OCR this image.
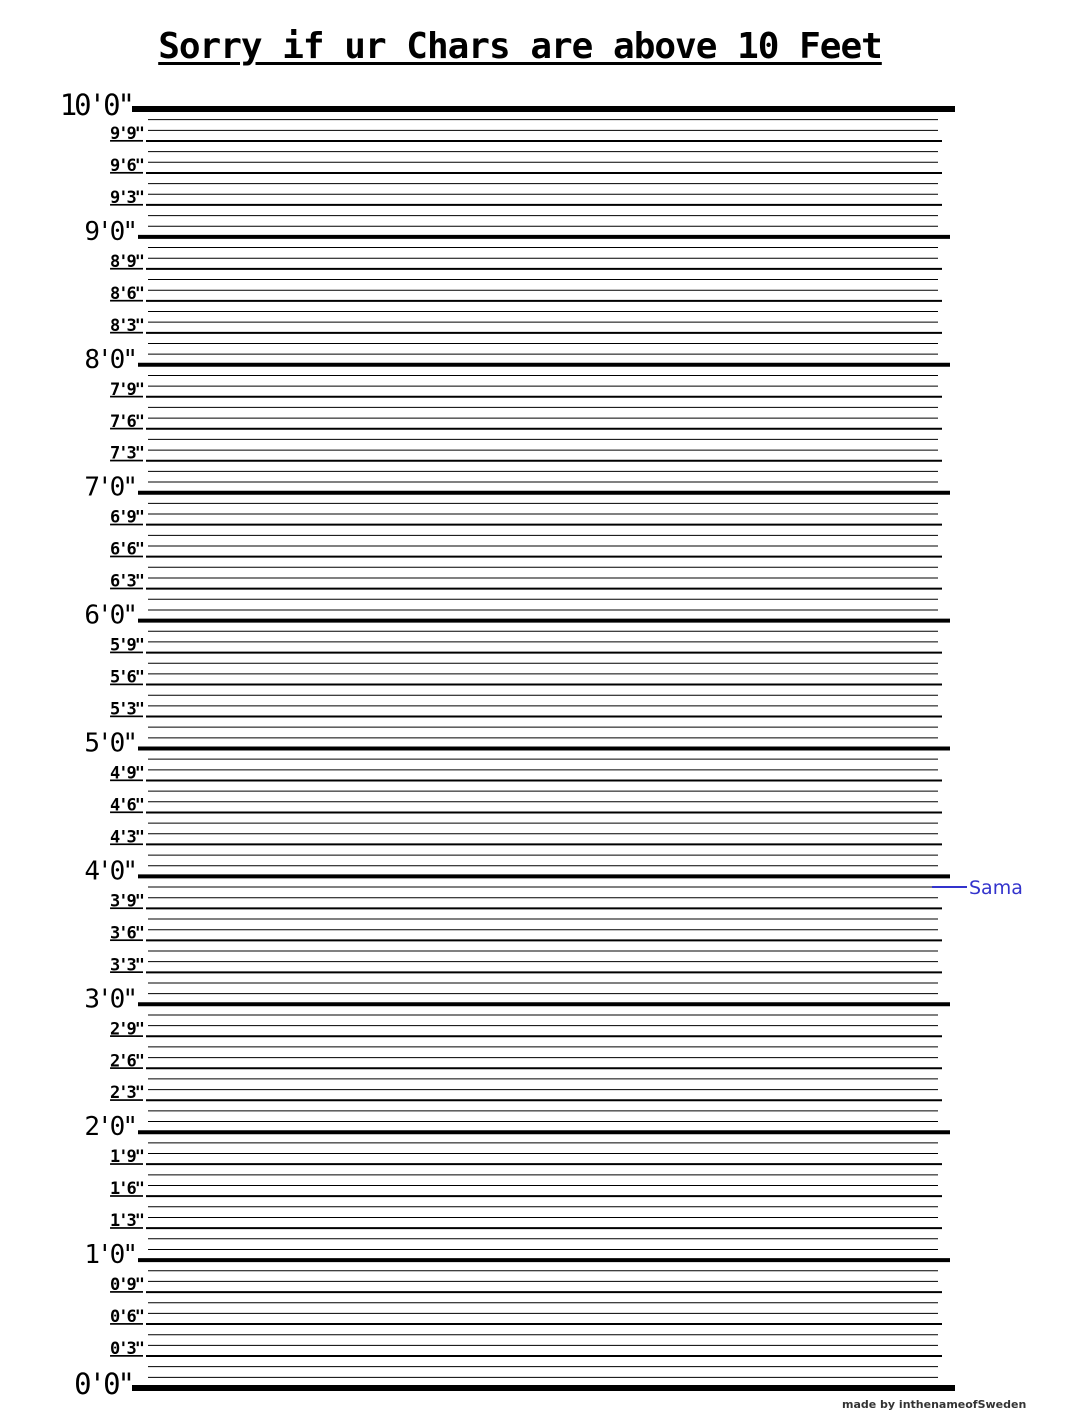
Sorry if ur Chars are above 10 Feet
9'9"
9'6"
9'3"
8'9"
8'6"
8'3"
7'9"
7'6"
7'3"
6'9"
6'6"
6'3"
5'9"
5'6"
5'3"
4'9"
4'6"
4'3"
3'9"
3'6"
3'3"
2'9"
2'6"
2'3"
1'9"
1'6"
1'3"
0'9"
0'6"
0'3"
10'0"
9'0"
8'0"
7'0"
6'0"
5'0"
4'0"
3'0"
2'0"
1'0"
0'0"
Sama
made by inthenameofSweden
